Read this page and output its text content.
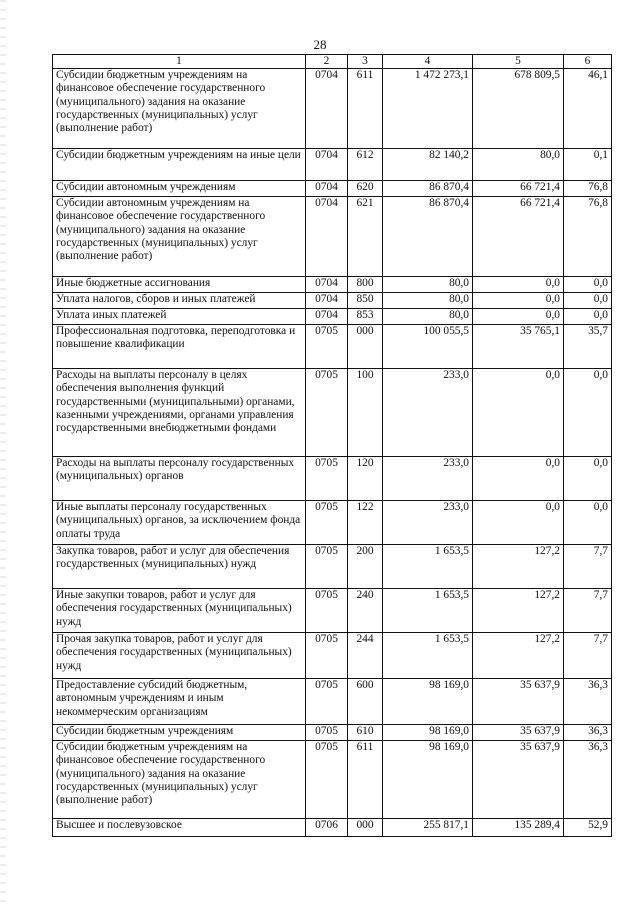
28
1	2	3	4	5	6
Субсидии бюджетным учреждениям на финансовое обеспечение государственного (муниципального) задания на оказание государственных (муниципальных) услуг (выполнение работ)	0704	611	1 472 273,1	678 809,5	46,1
Субсидии бюджетным учреждениям на иные цели	0704	612	82 140,2	80,0	0,1
Субсидии автономным учреждениям	0704	620	86 870,4	66 721,4	76,8
Субсидии автономным учреждениям на финансовое обеспечение государственного (муниципального) задания на оказание государственных (муниципальных) услуг (выполнение работ)	0704	621	86 870,4	66 721,4	76,8
Иные бюджетные ассигнования	0704	800	80,0	0,0	0,0
Уплата налогов, сборов и иных платежей	0704	850	80,0	0,0	0,0
Уплата иных платежей	0704	853	80,0	0,0	0,0
Профессиональная подготовка, переподготовка и повышение квалификации	0705	000	100 055,5	35 765,1	35,7
Расходы на выплаты персоналу в целях обеспечения выполнения функций государственными (муниципальными) органами, казенными учреждениями, органами управления государственными внебюджетными фондами	0705	100	233,0	0,0	0,0
Расходы на выплаты персоналу государственных (муниципальных) органов	0705	120	233,0	0,0	0,0
Иные выплаты персоналу государственных (муниципальных) органов, за исключением фонда оплаты труда	0705	122	233,0	0,0	0,0
Закупка товаров, работ и услуг для обеспечения государственных (муниципальных) нужд	0705	200	1 653,5	127,2	7,7
Иные закупки товаров, работ и услуг для обеспечения государственных (муниципальных) нужд	0705	240	1 653,5	127,2	7,7
Прочая закупка товаров, работ и услуг для обеспечения государственных (муниципальных) нужд	0705	244	1 653,5	127,2	7,7
Предоставление субсидий бюджетным, автономным учреждениям и иным некоммерческим организациям	0705	600	98 169,0	35 637,9	36,3
Субсидии бюджетным учреждениям	0705	610	98 169,0	35 637,9	36,3
Субсидии бюджетным учреждениям на финансовое обеспечение государственного (муниципального) задания на оказание государственных (муниципальных) услуг (выполнение работ)	0705	611	98 169,0	35 637,9	36,3
Высшее и послевузовское	0706	000	255 817,1	135 289,4	52,9
